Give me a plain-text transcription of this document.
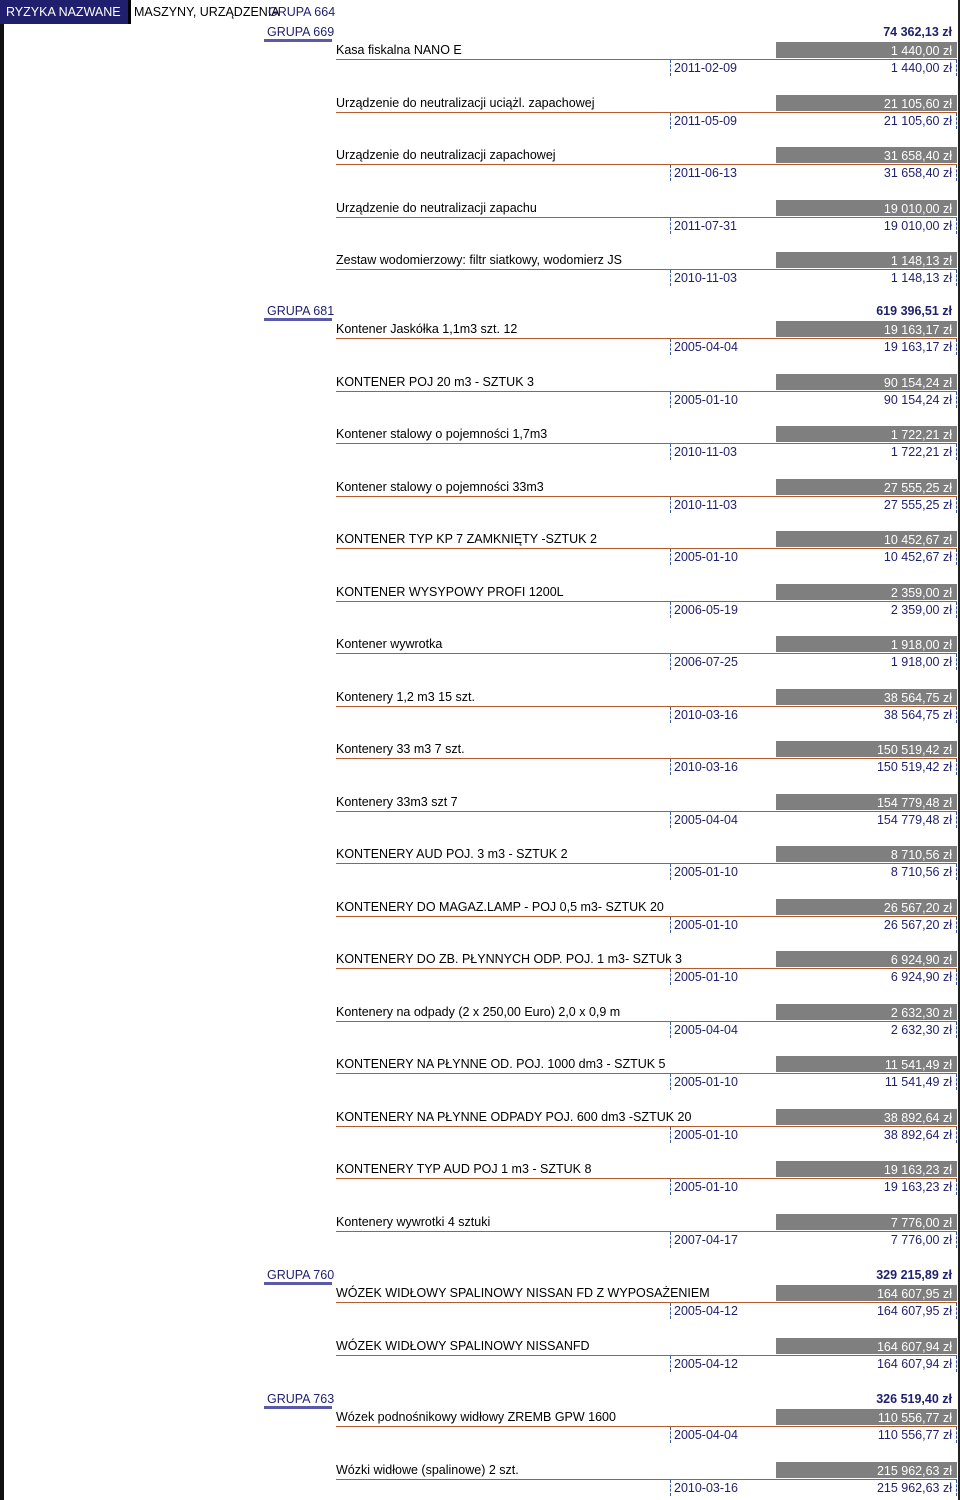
RYZYKA NAZWANE	MASZYNY, URZĄDZENIA
GRUPA 664
GRUPA 669	74 362,13 zł
Kasa fiskalna NANO E	1 440,00 zł
2011-02-09	1 440,00 zł
Urządzenie do neutralizacji uciążl. zapachowej	21 105,60 zł
2011-05-09	21 105,60 zł
Urządzenie do neutralizacji zapachowej	31 658,40 zł
2011-06-13	31 658,40 zł
Urządzenie do neutralizacji zapachu	19 010,00 zł
2011-07-31	19 010,00 zł
Zestaw wodomierzowy: filtr siatkowy, wodomierz JS	1 148,13 zł
2010-11-03	1 148,13 zł
GRUPA 681	619 396,51 zł
Kontener Jaskółka 1,1m3 szt. 12	19 163,17 zł
2005-04-04	19 163,17 zł
KONTENER POJ 20 m3 - SZTUK 3	90 154,24 zł
2005-01-10	90 154,24 zł
Kontener stalowy o pojemności 1,7m3	1 722,21 zł
2010-11-03	1 722,21 zł
Kontener stalowy o pojemności 33m3	27 555,25 zł
2010-11-03	27 555,25 zł
KONTENER TYP KP 7 ZAMKNIĘTY -SZTUK 2	10 452,67 zł
2005-01-10	10 452,67 zł
KONTENER WYSYPOWY PROFI 1200L	2 359,00 zł
2006-05-19	2 359,00 zł
Kontener wywrotka	1 918,00 zł
2006-07-25	1 918,00 zł
Kontenery 1,2 m3 15 szt.	38 564,75 zł
2010-03-16	38 564,75 zł
Kontenery 33 m3 7 szt.	150 519,42 zł
2010-03-16	150 519,42 zł
Kontenery 33m3 szt 7	154 779,48 zł
2005-04-04	154 779,48 zł
KONTENERY AUD POJ. 3 m3 - SZTUK 2	8 710,56 zł
2005-01-10	8 710,56 zł
KONTENERY DO MAGAZ.LAMP - POJ 0,5 m3- SZTUK 20	26 567,20 zł
2005-01-10	26 567,20 zł
KONTENERY DO ZB. PŁYNNYCH ODP. POJ. 1 m3- SZTUk 3	6 924,90 zł
2005-01-10	6 924,90 zł
Kontenery na odpady (2 x 250,00 Euro) 2,0 x 0,9 m	2 632,30 zł
2005-04-04	2 632,30 zł
KONTENERY NA PŁYNNE OD. POJ. 1000 dm3 - SZTUK 5	11 541,49 zł
2005-01-10	11 541,49 zł
KONTENERY NA PŁYNNE ODPADY POJ. 600 dm3 -SZTUK 20	38 892,64 zł
2005-01-10	38 892,64 zł
KONTENERY TYP AUD POJ 1 m3 - SZTUK 8	19 163,23 zł
2005-01-10	19 163,23 zł
Kontenery wywrotki 4 sztuki	7 776,00 zł
2007-04-17	7 776,00 zł
GRUPA 760	329 215,89 zł
WÓZEK WIDŁOWY SPALINOWY NISSAN FD Z WYPOSAŻENIEM	164 607,95 zł
2005-04-12	164 607,95 zł
WÓZEK WIDŁOWY SPALINOWY NISSANFD	164 607,94 zł
2005-04-12	164 607,94 zł
GRUPA 763	326 519,40 zł
Wózek podnośnikowy widłowy ZREMB GPW 1600	110 556,77 zł
2005-04-04	110 556,77 zł
Wózki widłowe (spalinowe) 2 szt.	215 962,63 zł
2010-03-16	215 962,63 zł
